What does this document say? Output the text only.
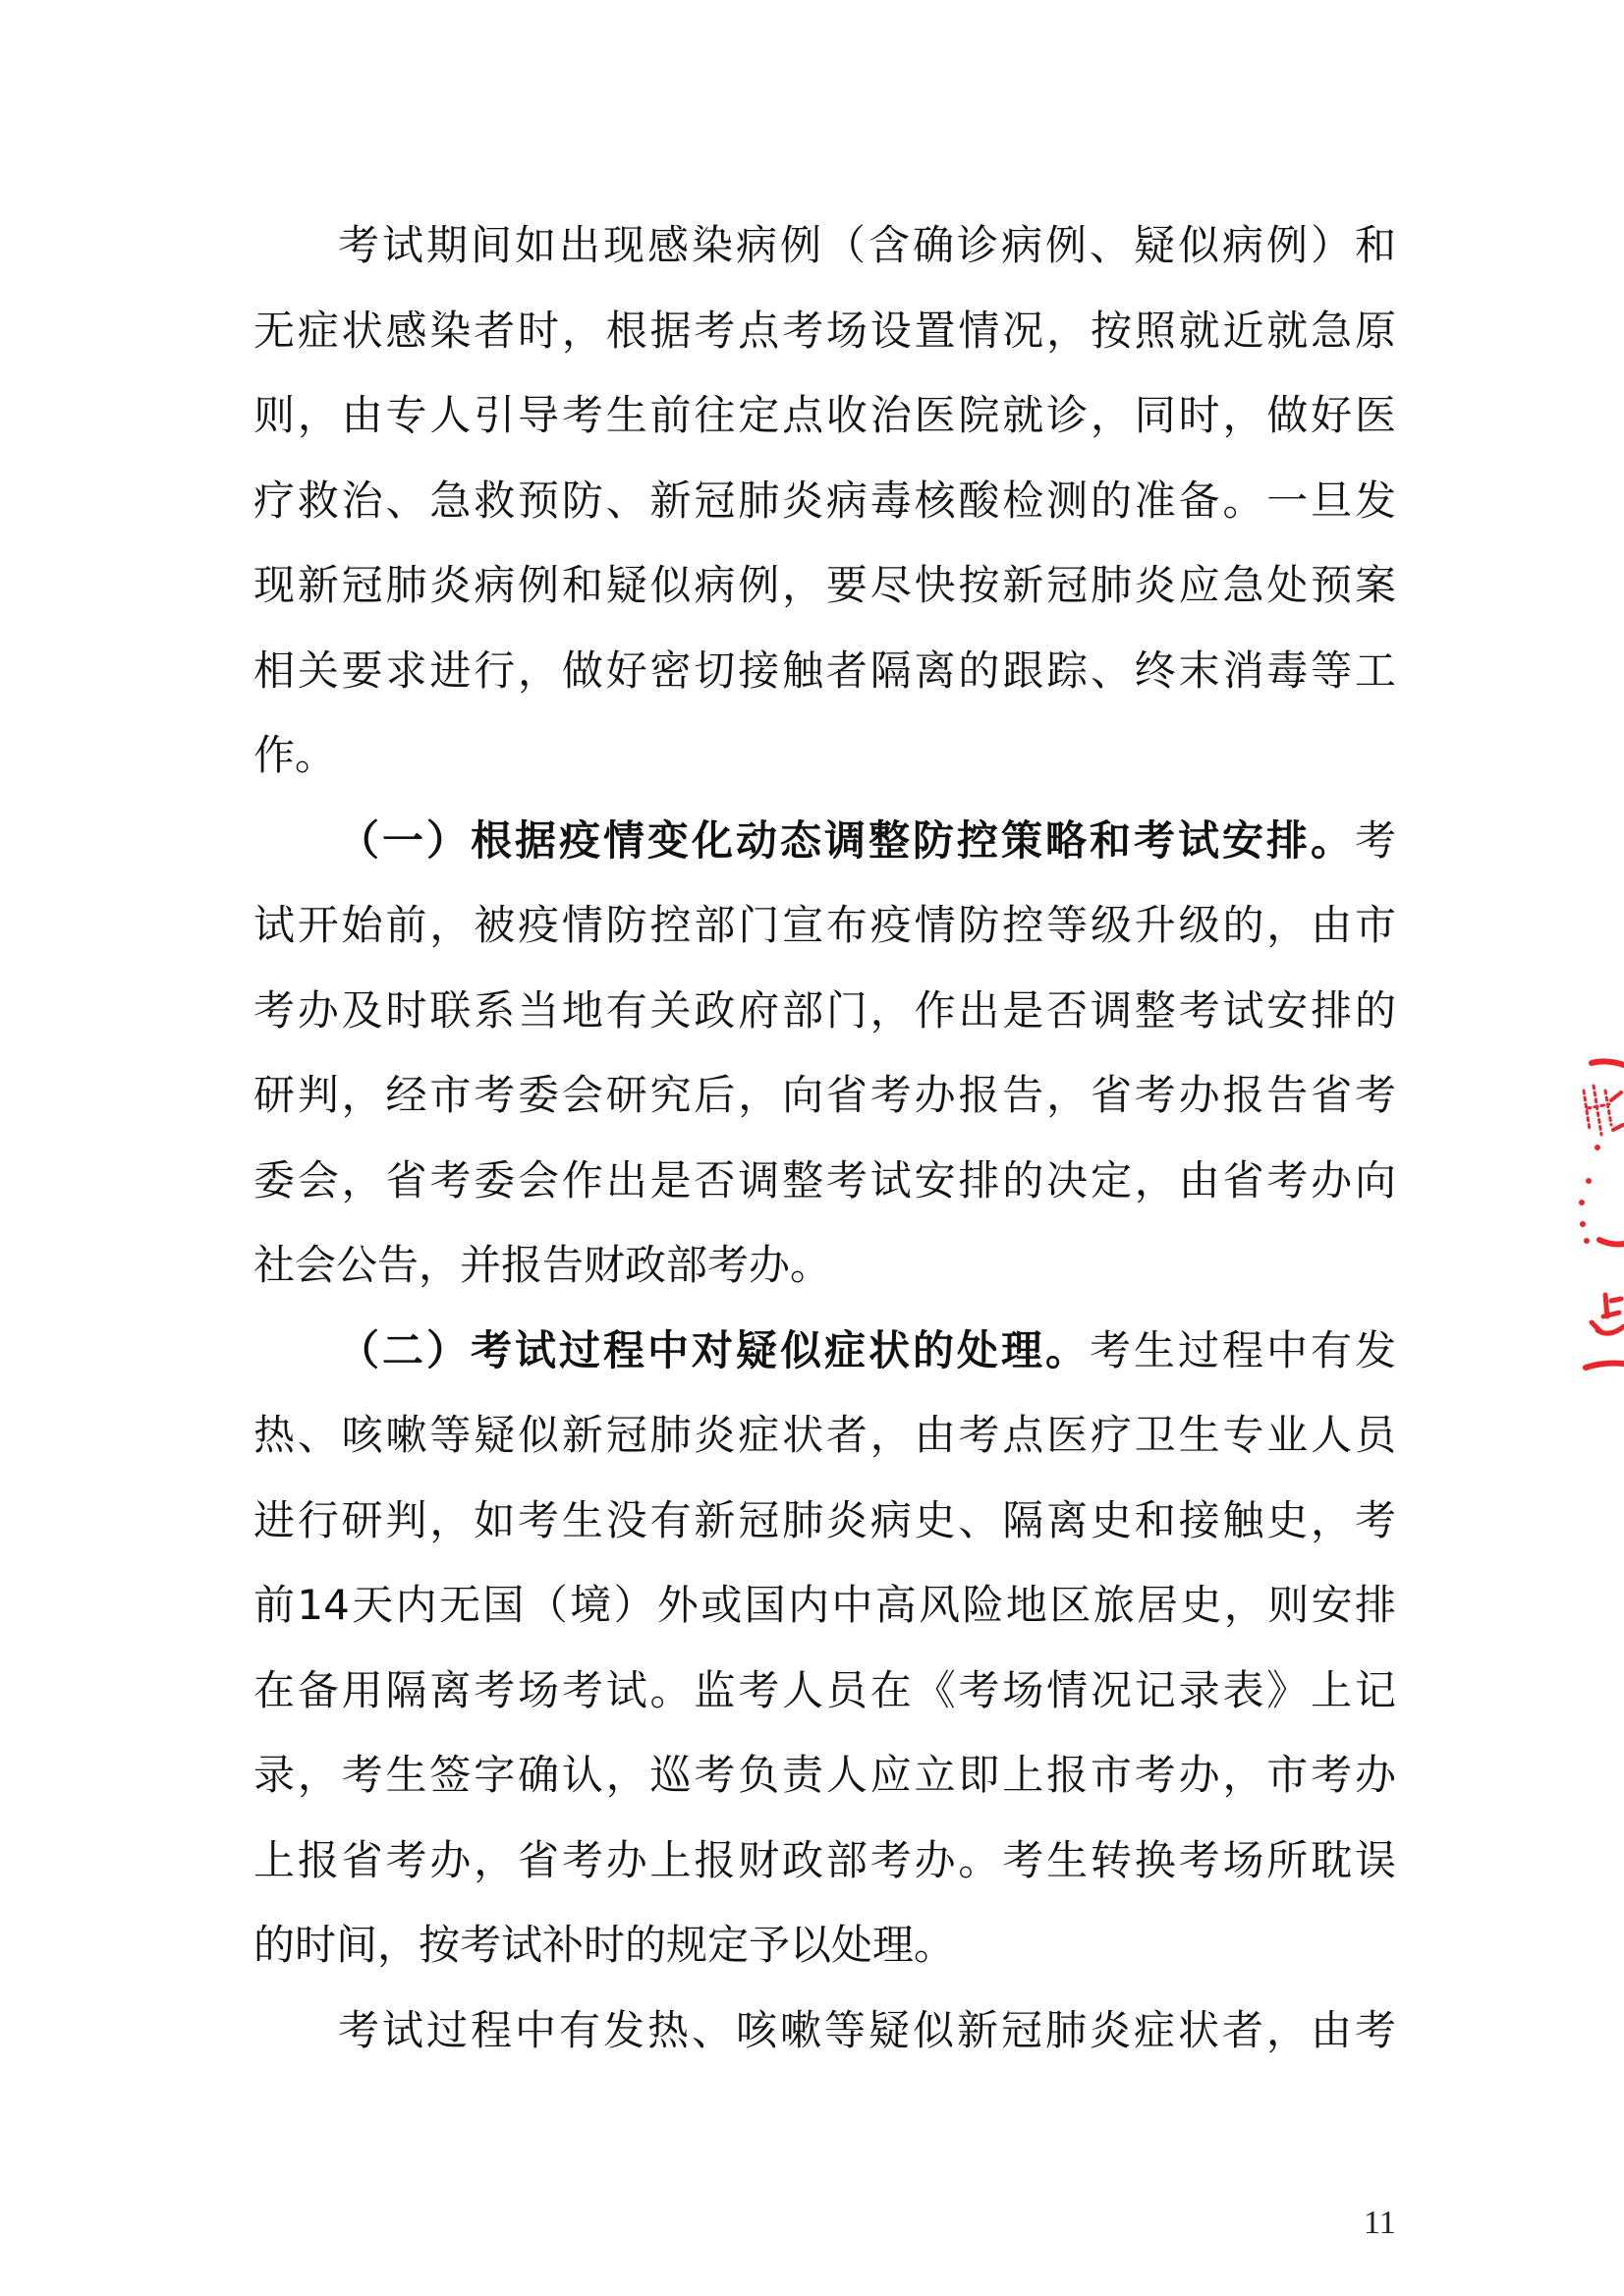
考试期间如出现感染病例（含确诊病例、疑似病例）和
无症状感染者时，根据考点考场设置情况，按照就近就急原
则，由专人引导考生前往定点收治医院就诊，同时，做好医
疗救治、急救预防、新冠肺炎病毒核酸检测的准备。一旦发
现新冠肺炎病例和疑似病例，要尽快按新冠肺炎应急处预案
相关要求进行，做好密切接触者隔离的跟踪、终末消毒等工
作。
（一）根据疫情变化动态调整防控策略和考试安排。考
试开始前，被疫情防控部门宣布疫情防控等级升级的，由市
考办及时联系当地有关政府部门，作出是否调整考试安排的
研判，经市考委会研究后，向省考办报告，省考办报告省考
委会，省考委会作出是否调整考试安排的决定，由省考办向
社会公告，并报告财政部考办。
（二）考试过程中对疑似症状的处理。考生过程中有发
热、咳嗽等疑似新冠肺炎症状者，由考点医疗卫生专业人员
进行研判，如考生没有新冠肺炎病史、隔离史和接触史，考
前14天内无国（境）外或国内中高风险地区旅居史，则安排
在备用隔离考场考试。监考人员在《考场情况记录表》上记
录，考生签字确认，巡考负责人应立即上报市考办，市考办
上报省考办，省考办上报财政部考办。考生转换考场所耽误
的时间，按考试补时的规定予以处理。
考试过程中有发热、咳嗽等疑似新冠肺炎症状者，由考
11
